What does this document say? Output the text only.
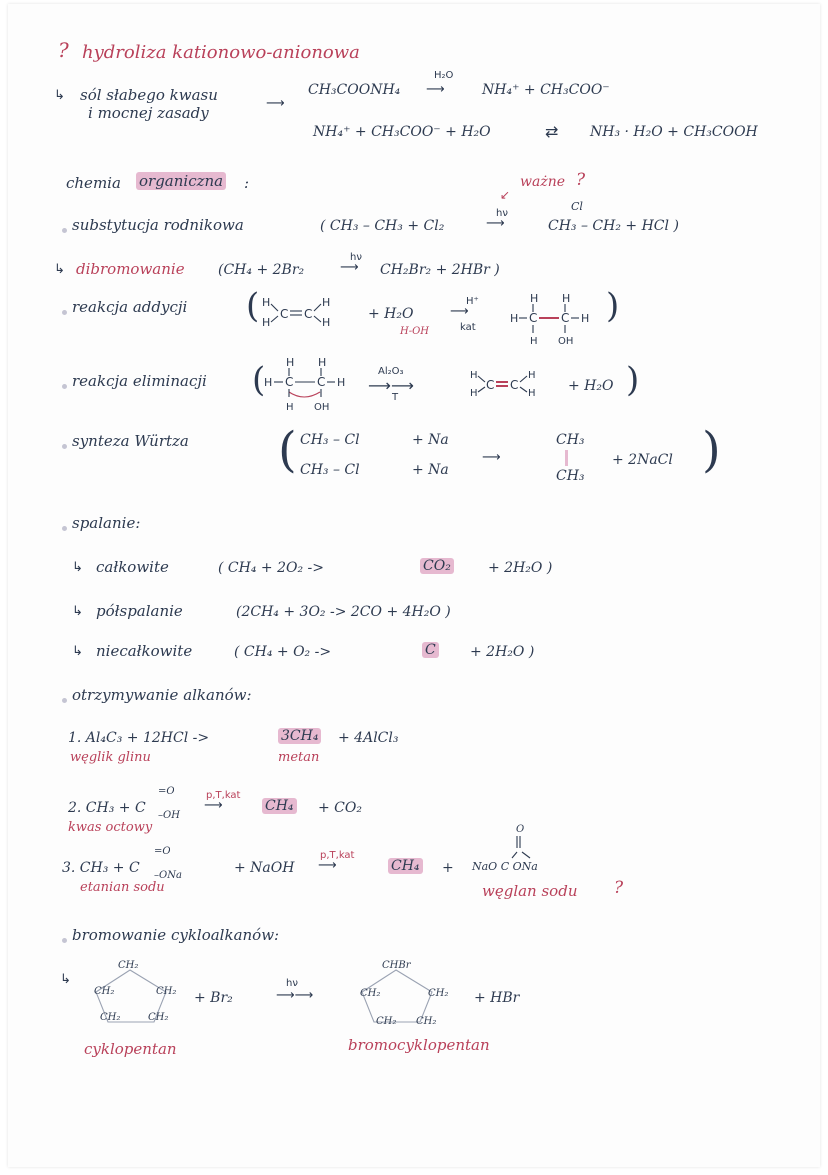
? hydroliza kationowo-anionowa
↳ sól słabego kwasu
i mocnej zasady
⟶
CH₃COONH₄
H₂O
⟶	NH₄⁺ + CH₃COO⁻
NH₄⁺ + CH₃COO⁻ + H₂O	⇄ NH₃ · H₂O + CH₃COOH
chemia organiczna :	ważne ?
↙
substytucja rodnikowa	( CH₃ – CH₃ + Cl₂
hν
⟶
Cl
CH₃ – CH₂ + HCl )
↳ dibromowanie (CH₄ + 2Br₂
hν
⟶ CH₂Br₂ + 2HBr )
reakcja addycji ( H
H
C C
H
H
+ H₂O
H-OH
H⁺
⟶
kat
H H
H C C H
H OH
)
reakcja eliminacji ( H H
H C C H
H OH
Al₂O₃
⟶⟶
T
H
H
C C
H
H + H₂O )
synteza Würtza ( CH₃ – Cl
CH₃ – Cl
+ Na
+ Na
⟶
CH₃
CH₃
+ 2NaCl )
spalanie:
↳ całkowite	( CH₄ + 2O₂ ->	CO₂	+ 2H₂O )
↳ półspalanie	(2CH₄ + 3O₂ -> 2CO + 4H₂O )
↳ niecałkowite	( CH₄ + O₂ ->	C + 2H₂O )
otrzymywanie alkanów:
1. Al₄C₃ + 12HCl ->	3CH₄ + 4AlCl₃
węglik glinu	metan
2. CH₃ + C
=O
–OH
p,T,kat
⟶	CH₄ + CO₂
kwas octowy
3. CH₃ + C
=O
–ONa	+ NaOH
p,T,kat
⟶	CH₄ +
O
NaO C ONa
etanian sodu	węglan sodu ?
bromowanie cykloalkanów:
↳
CH₂
CH₂	CH₂
CH₂	CH₂
+ Br₂
hν
⟶⟶
CHBr
CH₂	CH₂
CH₂ CH₂
+ HBr
cyklopentan	bromocyklopentan
